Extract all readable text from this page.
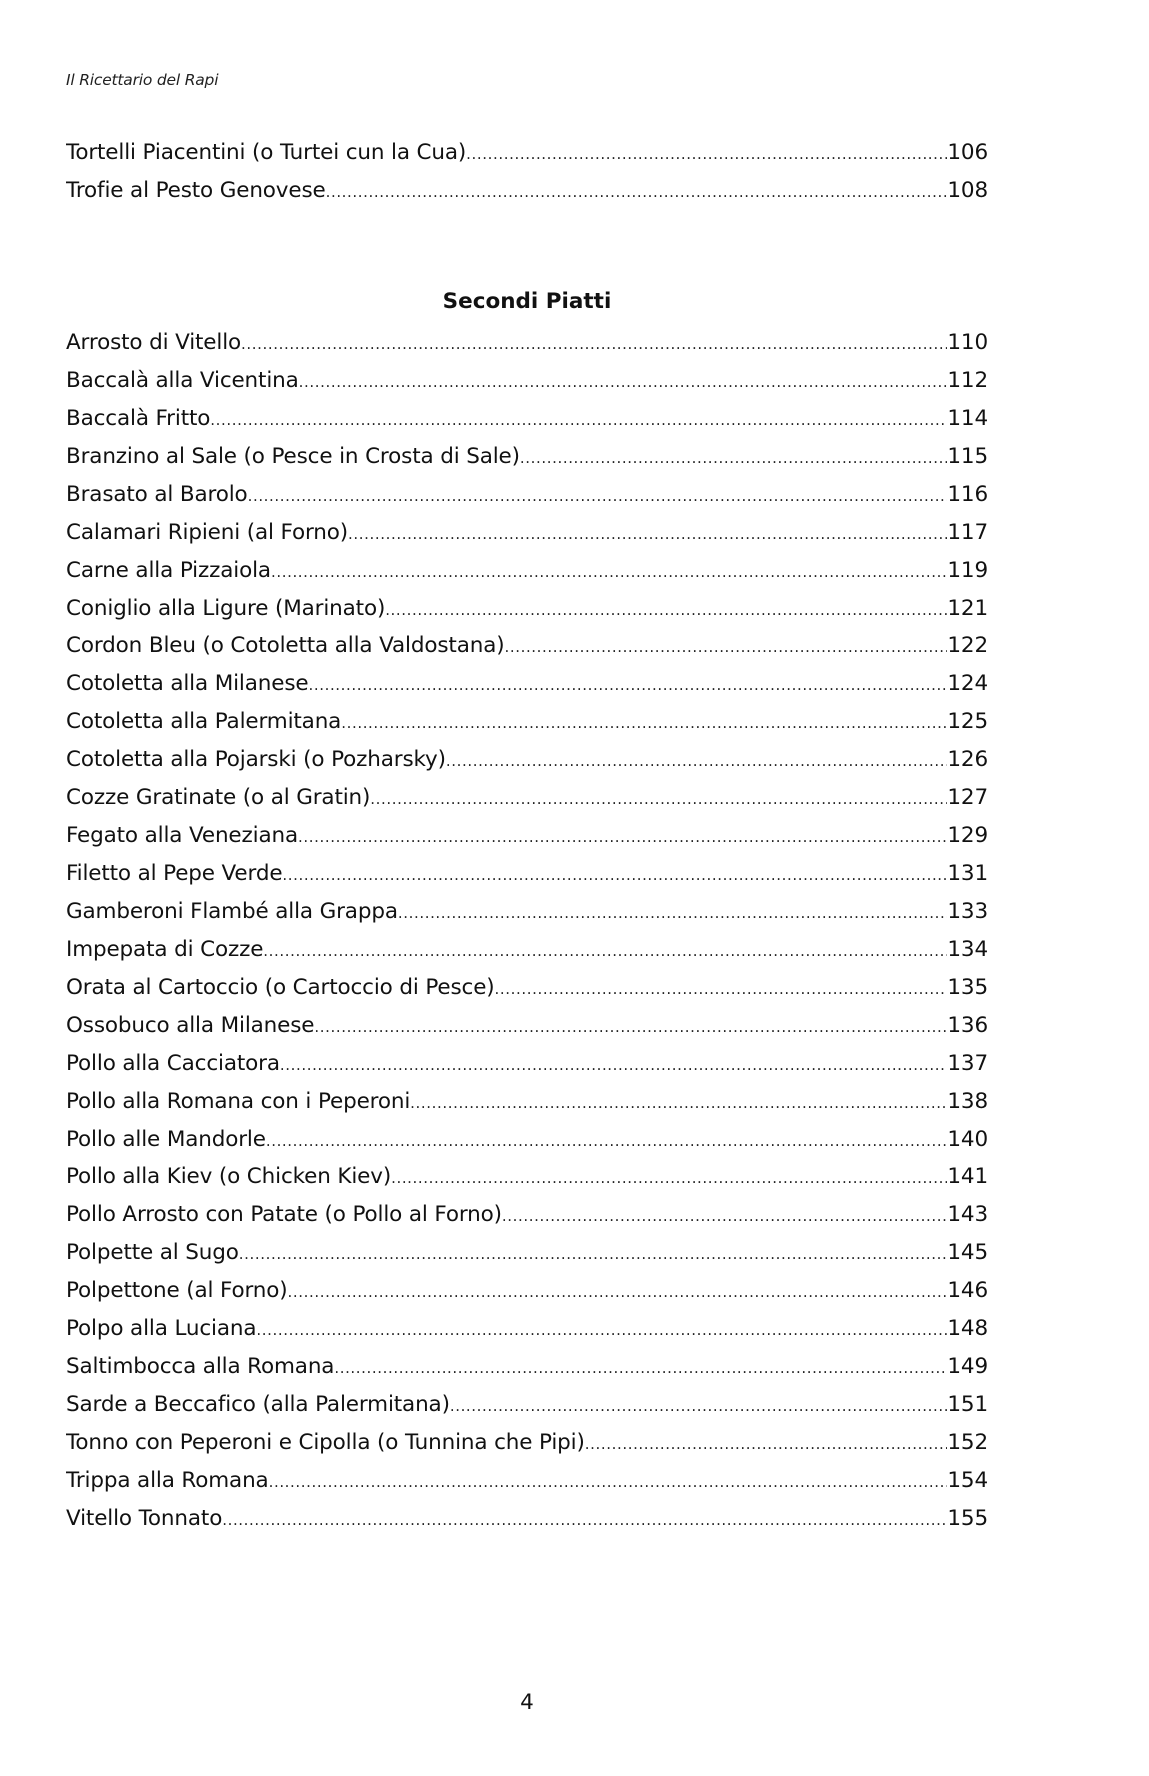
Il Ricettario del Rapi
Tortelli Piacentini (o Turtei cun la Cua) .....	106
Trofie al Pesto Genovese .....	108
Secondi Piatti
Arrosto di Vitello .....	110
Baccalà alla Vicentina .....	112
Baccalà Fritto .....	114
Branzino al Sale (o Pesce in Crosta di Sale) .....	115
Brasato al Barolo .....	116
Calamari Ripieni (al Forno) .....	117
Carne alla Pizzaiola .....	119
Coniglio alla Ligure (Marinato) .....	121
Cordon Bleu (o Cotoletta alla Valdostana) .....	122
Cotoletta alla Milanese .....	124
Cotoletta alla Palermitana .....	125
Cotoletta alla Pojarski (o Pozharsky) .....	126
Cozze Gratinate (o al Gratin) .....	127
Fegato alla Veneziana .....	129
Filetto al Pepe Verde .....	131
Gamberoni Flambé alla Grappa .....	133
Impepata di Cozze .....	134
Orata al Cartoccio (o Cartoccio di Pesce) .....	135
Ossobuco alla Milanese .....	136
Pollo alla Cacciatora .....	137
Pollo alla Romana con i Peperoni .....	138
Pollo alle Mandorle .....	140
Pollo alla Kiev (o Chicken Kiev) .....	141
Pollo Arrosto con Patate (o Pollo al Forno) .....	143
Polpette al Sugo .....	145
Polpettone (al Forno) .....	146
Polpo alla Luciana .....	148
Saltimbocca alla Romana .....	149
Sarde a Beccafico (alla Palermitana) .....	151
Tonno con Peperoni e Cipolla (o Tunnina che Pipi) .....	152
Trippa alla Romana .....	154
Vitello Tonnato .....	155
4
